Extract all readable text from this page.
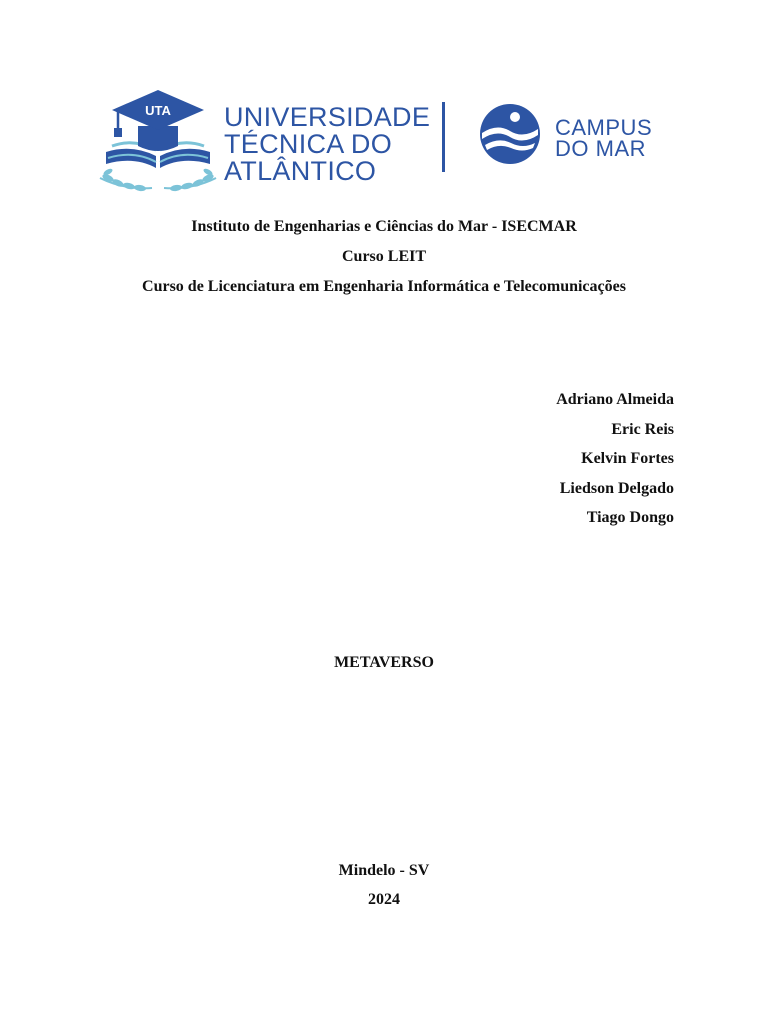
UTA UNIVERSIDADE
TÉCNICA DO
ATLÂNTICO
CAMPUS
DO MAR
Instituto de Engenharias e Ciências do Mar - ISECMAR
Curso LEIT
Curso de Licenciatura em Engenharia Informática e Telecomunicações
Adriano Almeida
Eric Reis
Kelvin Fortes
Liedson Delgado
Tiago Dongo
METAVERSO
Mindelo - SV
2024
